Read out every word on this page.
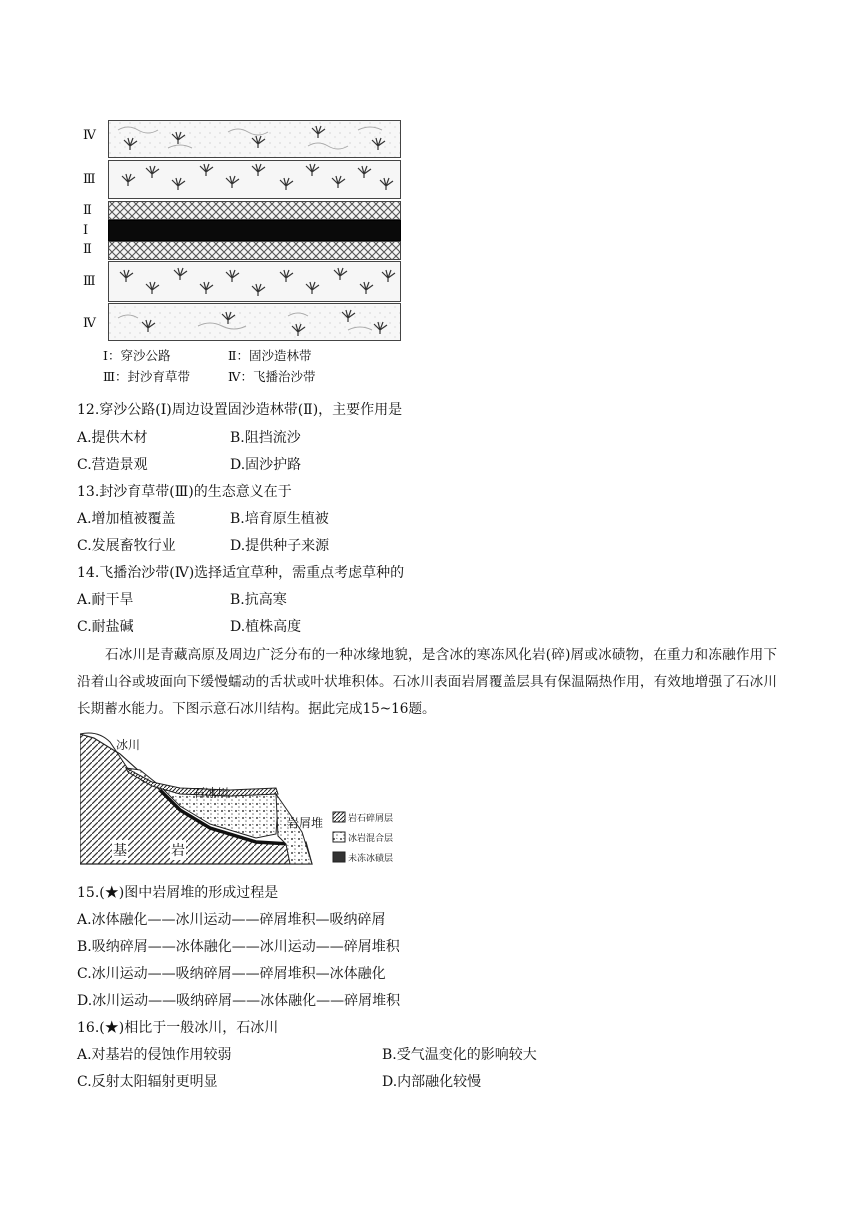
Ⅳ
Ⅲ
Ⅱ
Ⅰ
Ⅱ
Ⅲ
Ⅳ
Ⅰ：穿沙公路	Ⅱ：固沙造林带
Ⅲ：封沙育草带	Ⅳ：飞播治沙带
12.穿沙公路(Ⅰ)周边设置固沙造林带(Ⅱ)，主要作用是
A.提供木材	B.阻挡流沙
C.营造景观	D.固沙护路
13.封沙育草带(Ⅲ)的生态意义在于
A.增加植被覆盖	B.培育原生植被
C.发展畜牧行业	D.提供种子来源
14.飞播治沙带(Ⅳ)选择适宜草种，需重点考虑草种的
A.耐干旱	B.抗高寒
C.耐盐碱	D.植株高度
石冰川是青藏高原及周边广泛分布的一种冰缘地貌，是含冰的寒冻风化岩(碎)屑或冰碛物，在重力和冻融作用下沿着山谷或坡面向下缓慢蠕动的舌状或叶状堆积体。石冰川表面岩屑覆盖层具有保温隔热作用，有效地增强了石冰川长期蓄水能力。下图示意石冰川结构。据此完成15~16题。
冰川
石冰川
岩屑堆
基	岩
岩石碎屑层
冰岩混合层
未冻冰碛层
15.(★)图中岩屑堆的形成过程是
A.冰体融化——冰川运动——碎屑堆积—吸纳碎屑
B.吸纳碎屑——冰体融化——冰川运动——碎屑堆积
C.冰川运动——吸纳碎屑——碎屑堆积—冰体融化
D.冰川运动——吸纳碎屑——冰体融化——碎屑堆积
16.(★)相比于一般冰川，石冰川
A.对基岩的侵蚀作用较弱	B.受气温变化的影响较大
C.反射太阳辐射更明显	D.内部融化较慢
